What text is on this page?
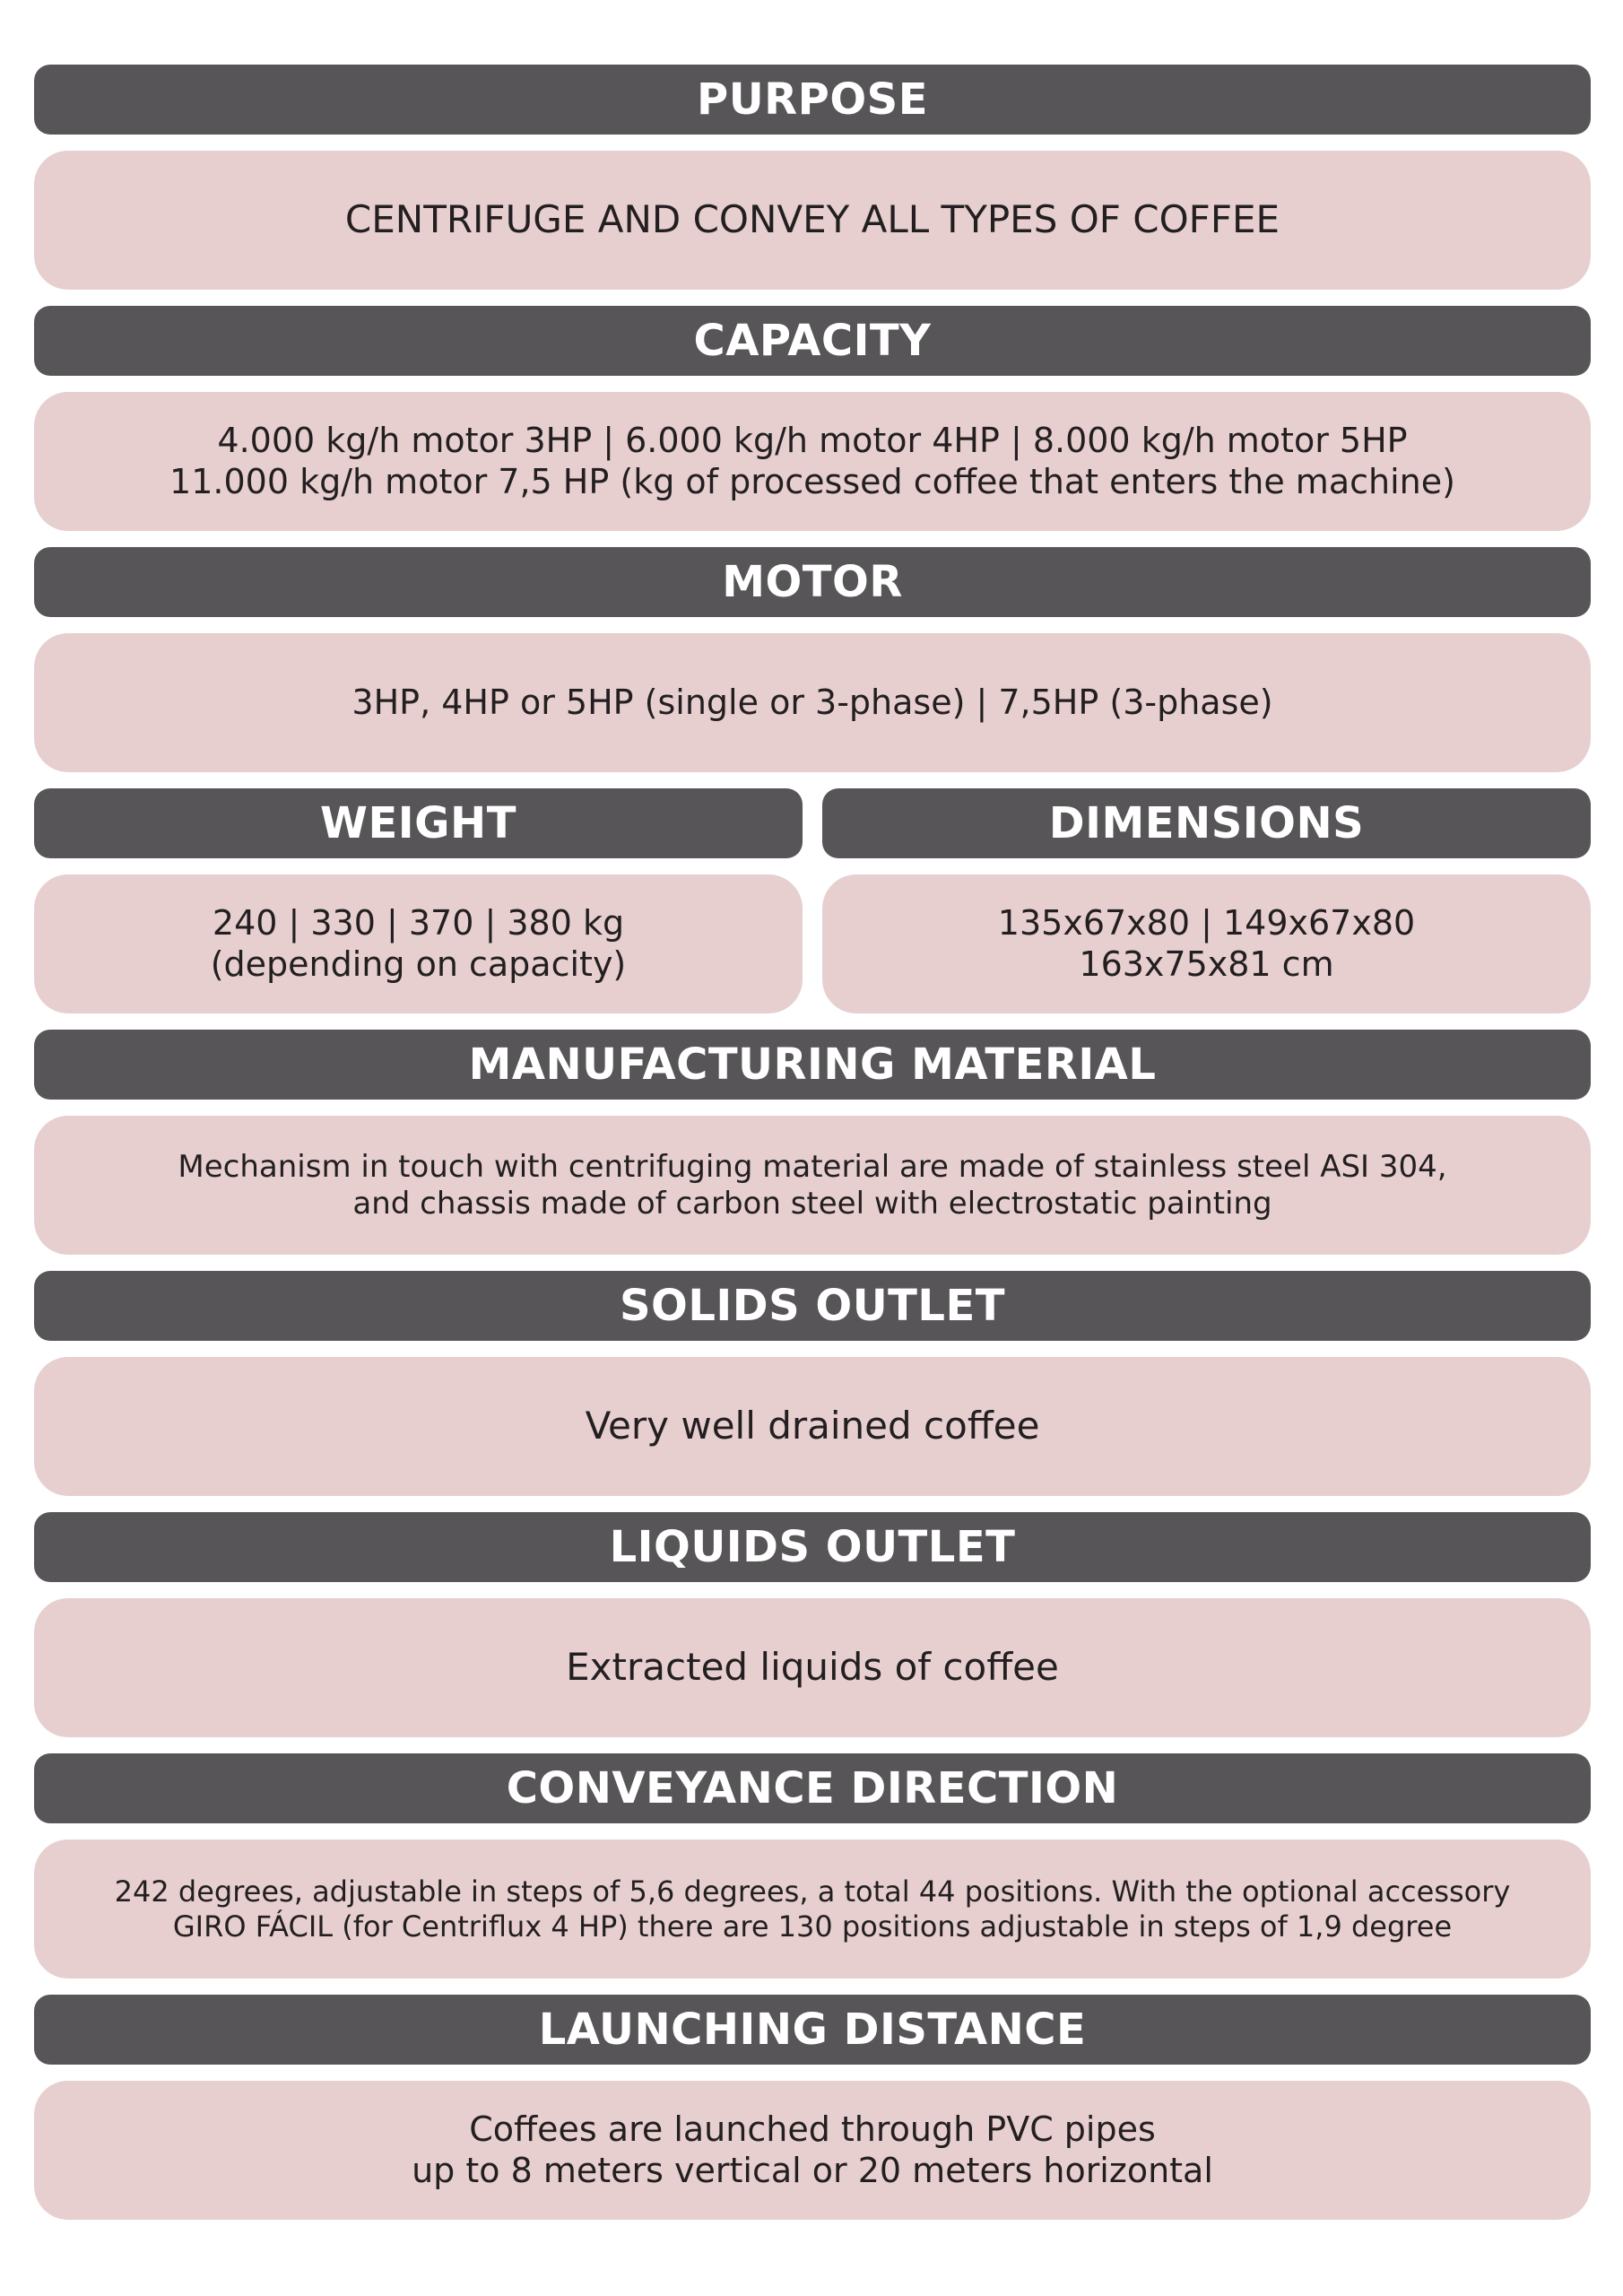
PURPOSE
CENTRIFUGE AND CONVEY ALL TYPES OF COFFEE
CAPACITY
4.000 kg/h motor 3HP | 6.000 kg/h motor 4HP | 8.000 kg/h motor 5HP
11.000 kg/h motor 7,5 HP (kg of processed coffee that enters the machine)
MOTOR
3HP, 4HP or 5HP (single or 3-phase) | 7,5HP (3-phase)
WEIGHT
240 | 330 | 370 | 380 kg
(depending on capacity)
DIMENSIONS
135x67x80 | 149x67x80
163x75x81 cm
MANUFACTURING MATERIAL
Mechanism in touch with centrifuging material are made of stainless steel ASI 304,
and chassis made of carbon steel with electrostatic painting
SOLIDS OUTLET
Very well drained coffee
LIQUIDS OUTLET
Extracted liquids of coffee
CONVEYANCE DIRECTION
242 degrees, adjustable in steps of 5,6 degrees, a total 44 positions. With the optional accessory
GIRO FÁCIL (for Centriflux 4 HP) there are 130 positions adjustable in steps of 1,9 degree
LAUNCHING DISTANCE
Coffees are launched through PVC pipes
up to 8 meters vertical or 20 meters horizontal
